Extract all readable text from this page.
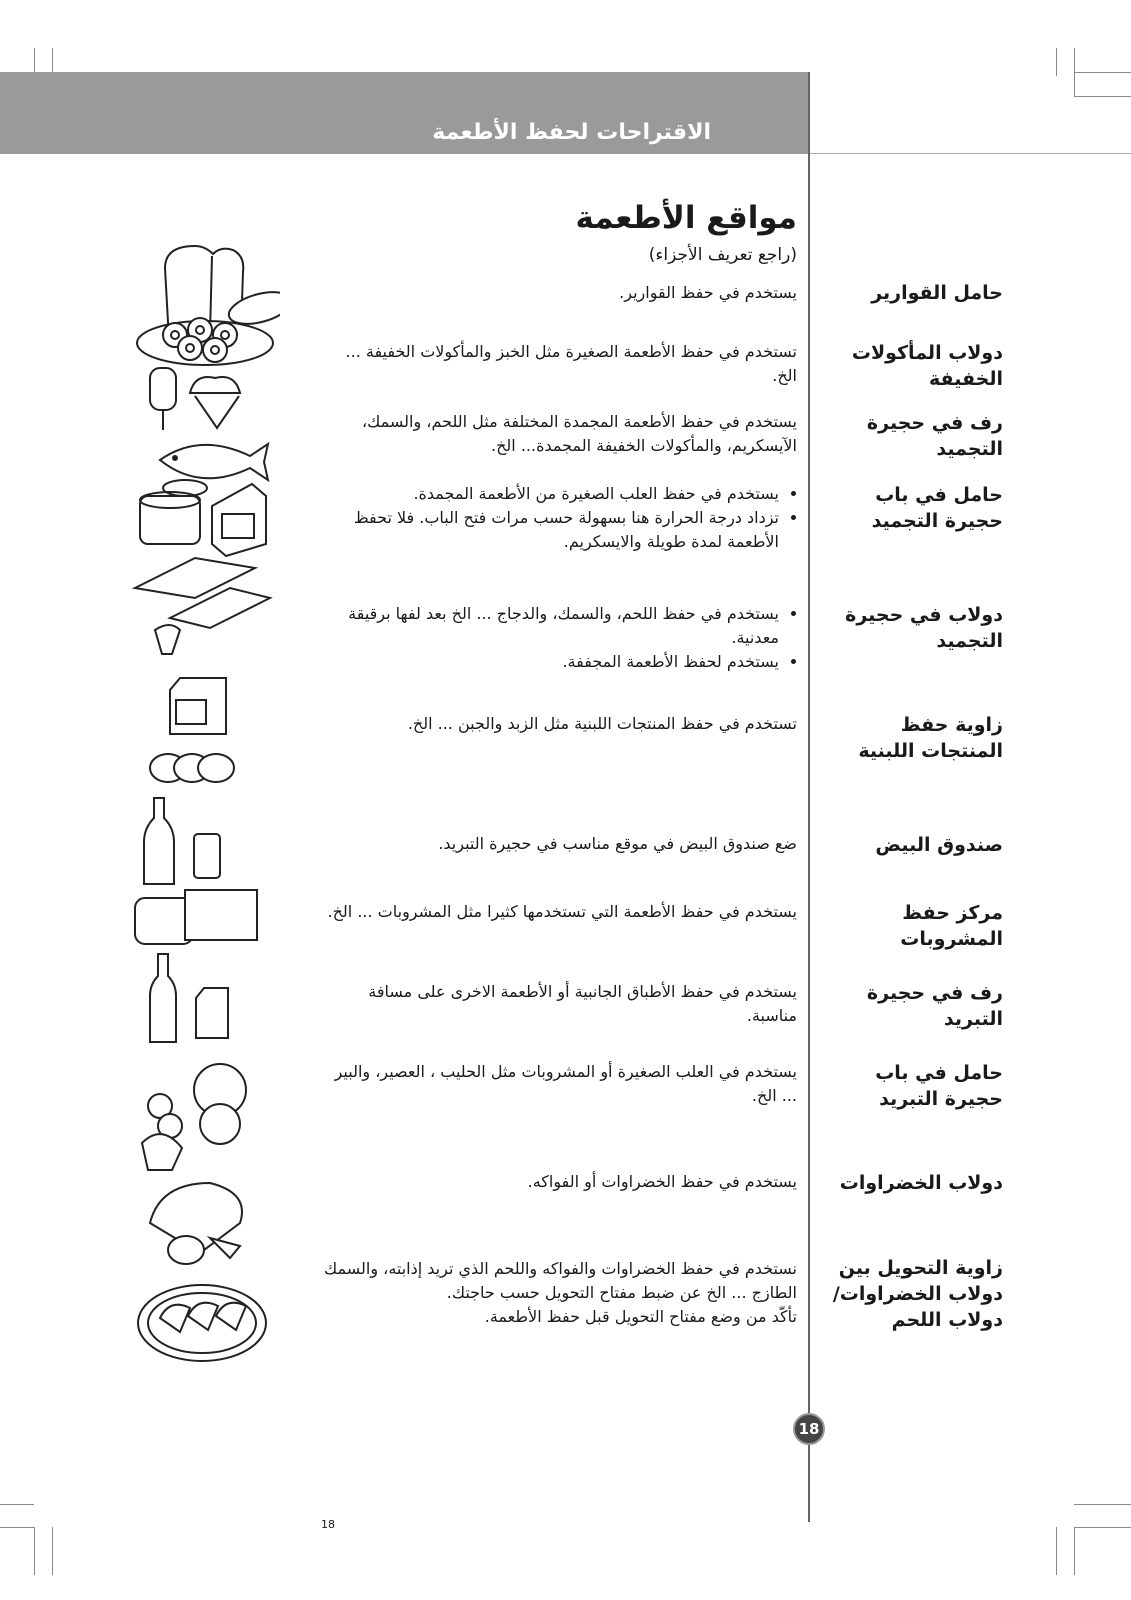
الاقتراحات لحفظ الأطعمة
مواقع الأطعمة
(راجع تعريف الأجزاء)
حامل القوارير
يستخدم في حفظ القوارير.
دولاب المأكولات الخفيفة
تستخدم في حفظ الأطعمة الصغيرة مثل الخبز والمأكولات الخفيفة ... الخ.
رف في حجيرة التجميد
يستخدم في حفظ الأطعمة المجمدة المختلفة مثل اللحم، والسمك، الآيسكريم، والمأكولات الخفيفة المجمدة... الخ.
حامل في باب حجيرة التجميد
• يستخدم في حفظ العلب الصغيرة من الأطعمة المجمدة.
• تزداد درجة الحرارة هنا بسهولة حسب مرات فتح الباب. فلا تحفظ الأطعمة لمدة طويلة والايسكريم.
دولاب في حجيرة التجميد
• يستخدم في حفظ اللحم، والسمك، والدجاج ... الخ بعد لفها برقيقة معدنية.
• يستخدم لحفظ الأطعمة المجففة.
زاوية حفظ المنتجات اللبنية
تستخدم في حفظ المنتجات اللبنية مثل الزبد والجبن ... الخ.
صندوق البيض
ضع صندوق البيض في موقع مناسب في حجيرة التبريد.
مركز حفظ المشروبات
يستخدم في حفظ الأطعمة التي تستخدمها كثيرا مثل المشروبات ... الخ.
رف في حجيرة التبريد
يستخدم في حفظ الأطباق الجانبية أو الأطعمة الاخرى على مسافة مناسبة.
حامل في باب حجيرة التبريد
يستخدم في العلب الصغيرة أو المشروبات مثل الحليب ، العصير، والبير ... الخ.
دولاب الخضراوات
يستخدم في حفظ الخضراوات أو الفواكه.
زاوية التحويل بين دولاب الخضراوات/ دولاب اللحم
نستخدم في حفظ الخضراوات والفواكه واللحم الذي تريد إذابته، والسمك الطازج ... الخ عن ضبط مفتاح التحويل حسب حاجتك.
تأكّد من وضع مفتاح التحويل قبل حفظ الأطعمة.
18
18
